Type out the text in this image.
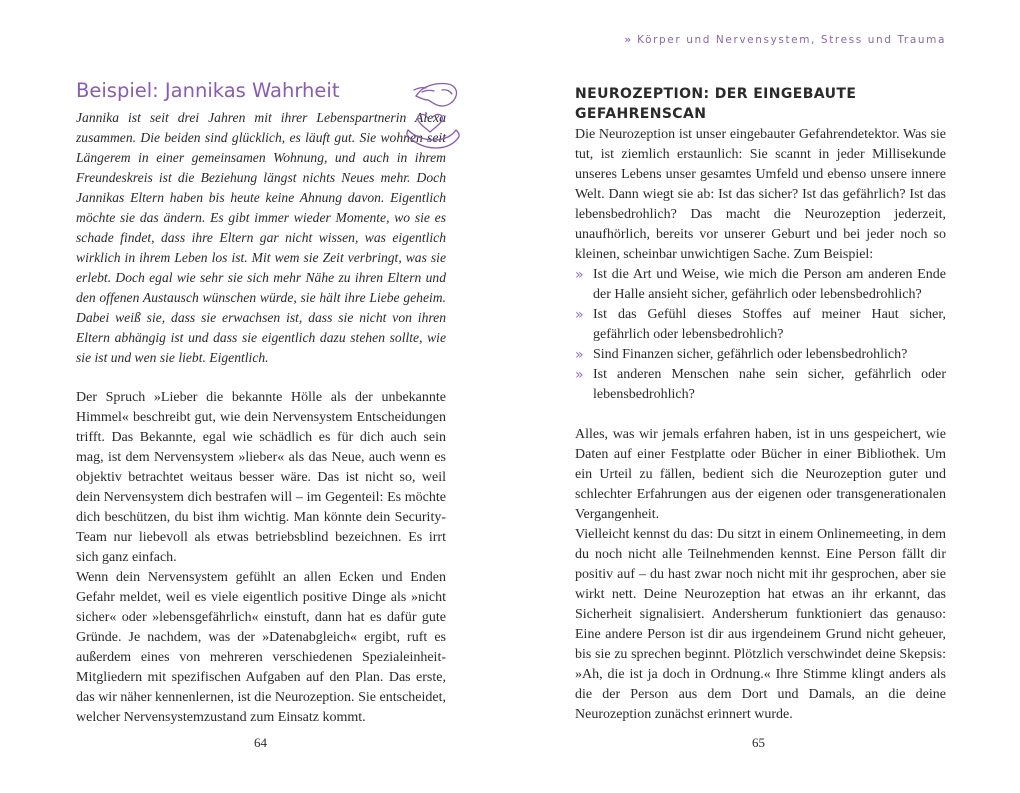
» Körper und Nervensystem, Stress und Trauma
Beispiel: Jannikas Wahrheit

Jannika ist seit drei Jahren mit ihrer Lebenspartnerin Alexa zusammen. Die beiden sind glücklich, es läuft gut. Sie wohnen seit Längerem in einer gemeinsamen Wohnung, und auch in ihrem Freundeskreis ist die Beziehung längst nichts Neues mehr. Doch Jannikas Eltern haben bis heute keine Ahnung davon. Eigentlich möchte sie das ändern. Es gibt immer wieder Momente, wo sie es schade findet, dass ihre Eltern gar nicht wissen, was eigentlich wirklich in ihrem Leben los ist. Mit wem sie Zeit verbringt, was sie erlebt. Doch egal wie sehr sie sich mehr Nähe zu ihren Eltern und den offenen Austausch wünschen würde, sie hält ihre Liebe geheim. Dabei weiß sie, dass sie erwachsen ist, dass sie nicht von ihren Eltern abhängig ist und dass sie eigentlich dazu stehen sollte, wie sie ist und wen sie liebt. Eigentlich.

Der Spruch »Lieber die bekannte Hölle als der unbekannte Himmel« beschreibt gut, wie dein Nervensystem Entscheidungen trifft. Das Bekannte, egal wie schädlich es für dich auch sein mag, ist dem Nervensystem »lieber« als das Neue, auch wenn es objektiv betrachtet weitaus besser wäre. Das ist nicht so, weil dein Nervensystem dich bestrafen will – im Gegenteil: Es möchte dich beschützen, du bist ihm wichtig. Man könnte dein Security-Team nur liebevoll als etwas betriebsblind bezeichnen. Es irrt sich ganz einfach.

Wenn dein Nervensystem gefühlt an allen Ecken und Enden Gefahr meldet, weil es viele eigentlich positive Dinge als »nicht sicher« oder »lebensgefährlich« einstuft, dann hat es dafür gute Gründe. Je nachdem, was der »Datenabgleich« ergibt, ruft es außerdem eines von mehreren verschiedenen Spezialeinheit-Mitgliedern mit spezifischen Aufgaben auf den Plan. Das erste, das wir näher kennenlernen, ist die Neurozeption. Sie entscheidet, welcher Nervensystemzustand zum Einsatz kommt.

64
NEUROZEPTION: DER EINGEBAUTE GEFAHRENSCAN

Die Neurozeption ist unser eingebauter Gefahrendetektor. Was sie tut, ist ziemlich erstaunlich: Sie scannt in jeder Millisekunde unseres Lebens unser gesamtes Umfeld und ebenso unsere innere Welt. Dann wiegt sie ab: Ist das sicher? Ist das gefährlich? Ist das lebensbedrohlich? Das macht die Neurozeption jederzeit, unaufhörlich, bereits vor unserer Geburt und bei jeder noch so kleinen, scheinbar unwichtigen Sache. Zum Beispiel:

» Ist die Art und Weise, wie mich die Person am anderen Ende der Halle ansieht sicher, gefährlich oder lebensbedrohlich?
» Ist das Gefühl dieses Stoffes auf meiner Haut sicher, gefährlich oder lebensbedrohlich?
» Sind Finanzen sicher, gefährlich oder lebensbedrohlich?
» Ist anderen Menschen nahe sein sicher, gefährlich oder lebensbedrohlich?

Alles, was wir jemals erfahren haben, ist in uns gespeichert, wie Daten auf einer Festplatte oder Bücher in einer Bibliothek. Um ein Urteil zu fällen, bedient sich die Neurozeption guter und schlechter Erfahrungen aus der eigenen oder transgenerationalen Vergangenheit.

Vielleicht kennst du das: Du sitzt in einem Onlinemeeting, in dem du noch nicht alle Teilnehmenden kennst. Eine Person fällt dir positiv auf – du hast zwar noch nicht mit ihr gesprochen, aber sie wirkt nett. Deine Neurozeption hat etwas an ihr erkannt, das Sicherheit signalisiert. Andersherum funktioniert das genauso: Eine andere Person ist dir aus irgendeinem Grund nicht geheuer, bis sie zu sprechen beginnt. Plötzlich verschwindet deine Skepsis: »Ah, die ist ja doch in Ordnung.« Ihre Stimme klingt anders als die der Person aus dem Dort und Damals, an die deine Neurozeption zunächst erinnert wurde.

65
